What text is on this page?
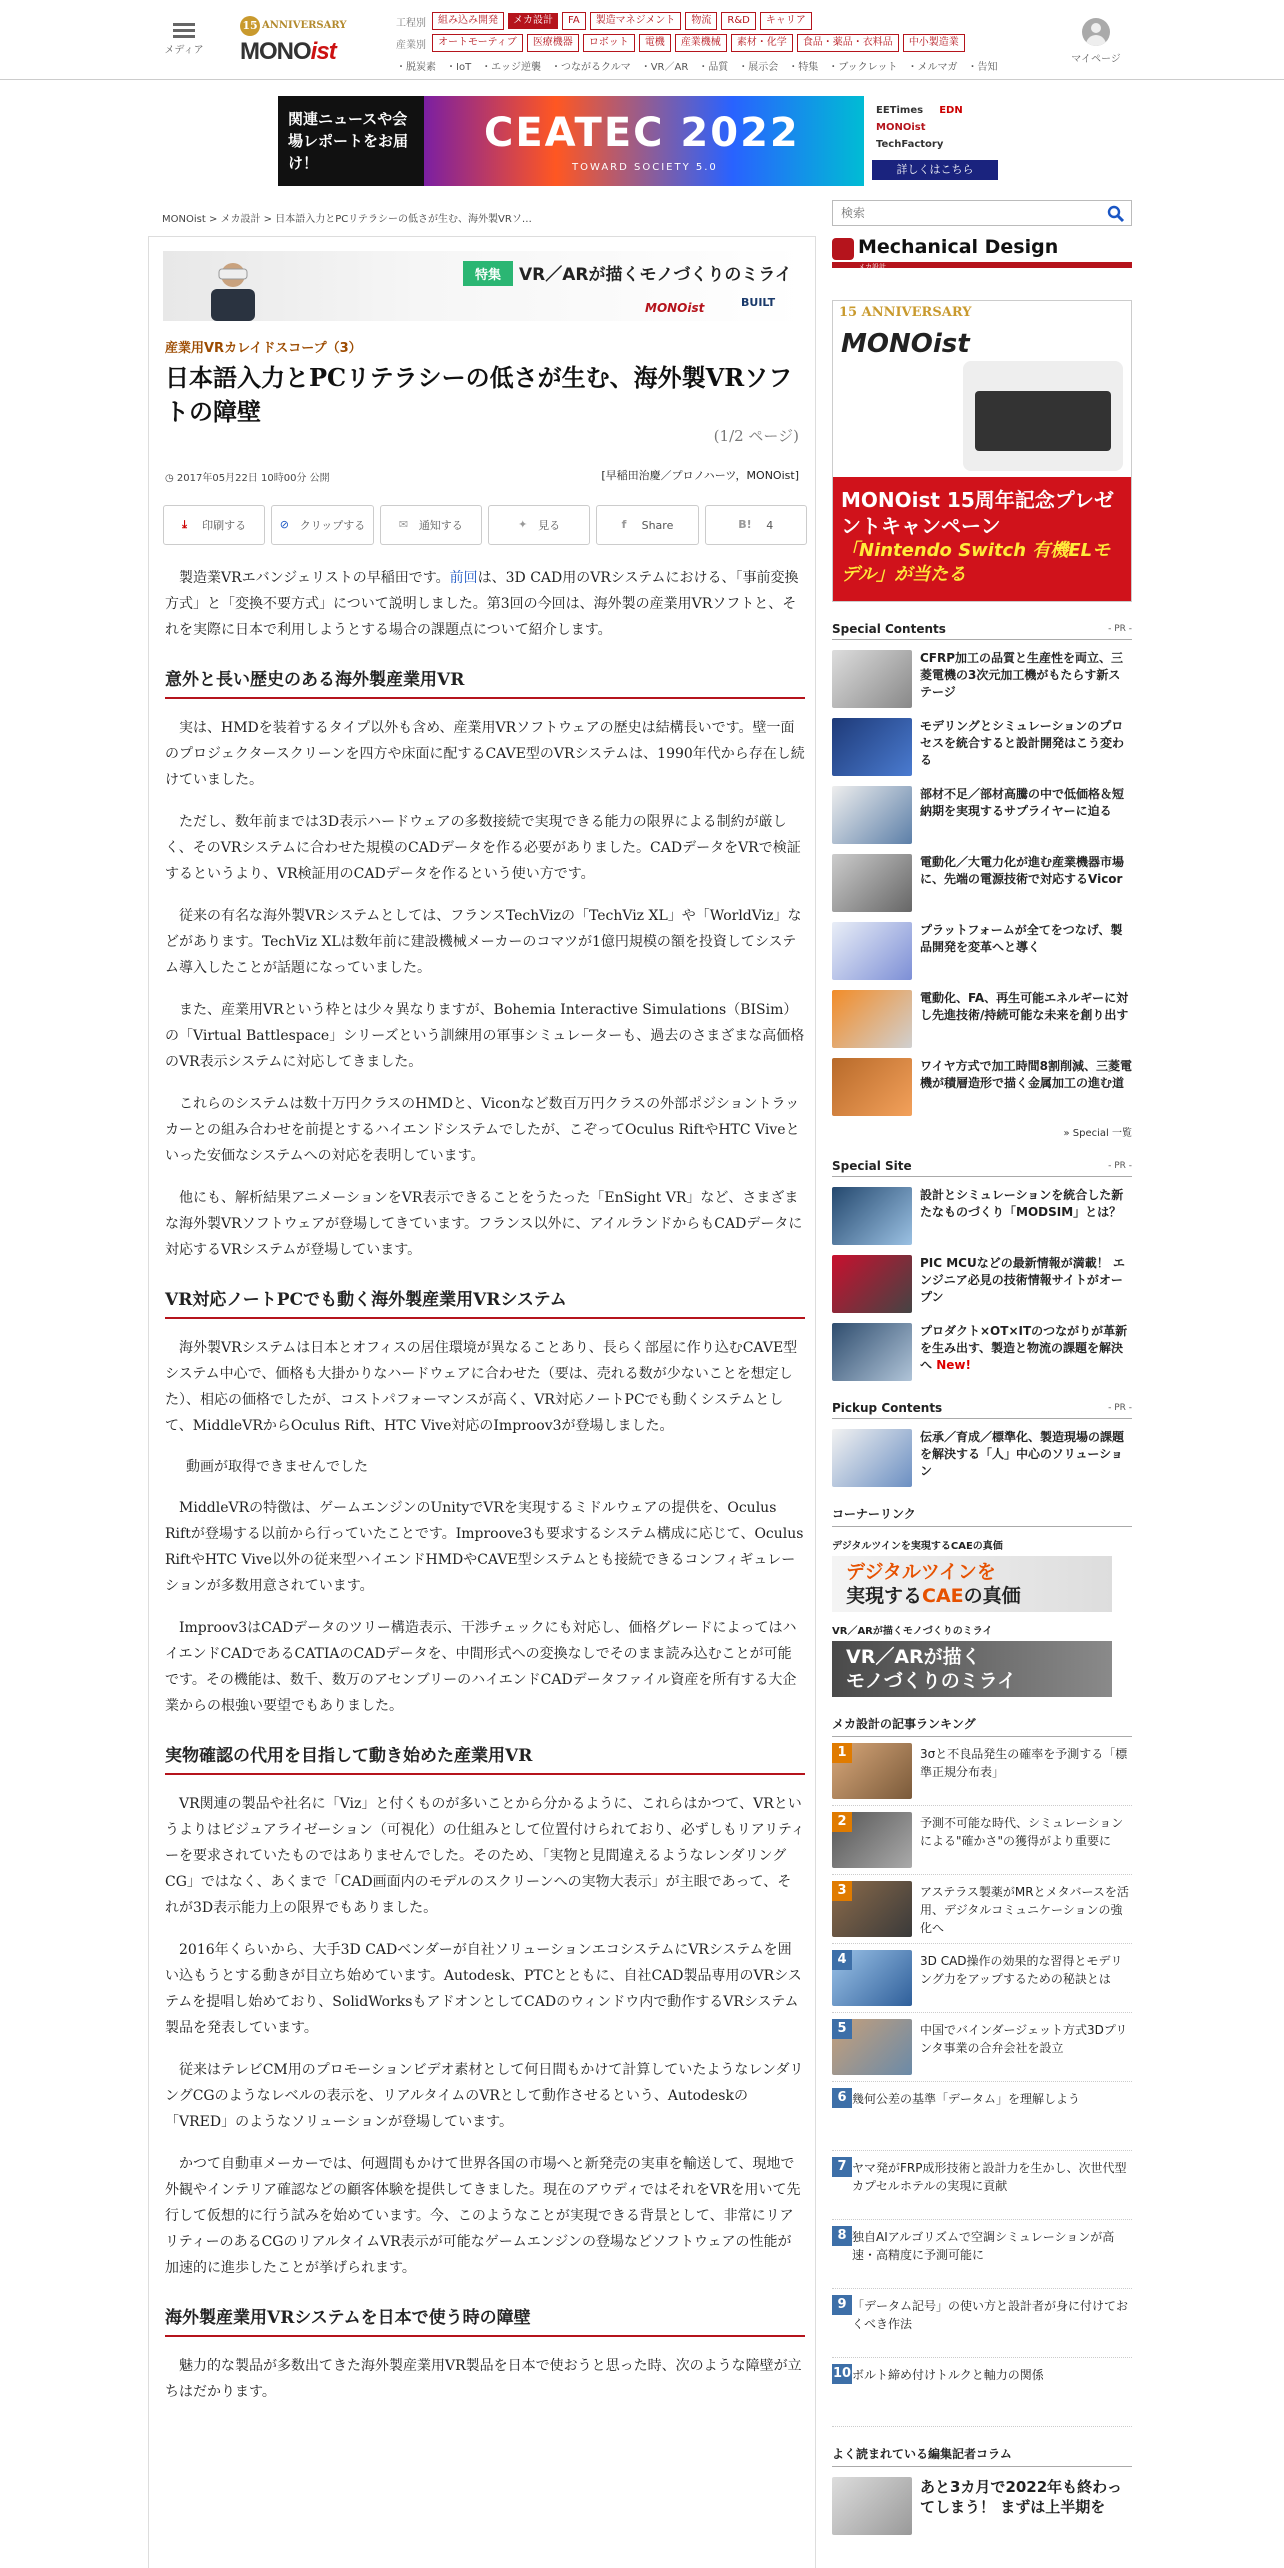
メディア
15 ANNIVERSARY
MONOist
工程別	組み込み開発	メカ設計	FA	製造マネジメント	物流	R&D	キャリア
産業別	オートモーティブ	医療機器	ロボット	電機	産業機械	素材・化学	食品・薬品・衣料品	中小製造業
・脱炭素 ・IoT ・エッジ逆襲 ・つながるクルマ ・VR／AR ・品質 ・展示会 ・特集 ・ブックレット ・メルマガ ・告知
マイページ
関連ニュースや会場レポートをお届け！
CEATEC 2022
TOWARD SOCIETY 5.0
EETimes EDN MONOist TechFactory
詳しくはこちら
MONOist > メカ設計 > 日本語入力とPCリテラシーの低さが生む、海外製VRソ…
検索
特集	VR／ARが描くモノづくりのミライ
MONOist	BUILT
産業用VRカレイドスコープ（3）
日本語入力とPCリテラシーの低さが生む、海外製VRソフトの障壁
(1/2 ページ)
◷ 2017年05月22日 10時00分 公開	[早稲田治慶／プロノハーツ，MONOist]
⤓	印刷する	⊘ クリップする	✉ 通知する	✦ 見る	f	Share	B!	4

製造業VRエバンジェリストの早稲田です。前回は、3D CAD用のVRシステムにおける、「事前変換方式」と「変換不要方式」について説明しました。第3回の今回は、海外製の産業用VRソフトと、それを実際に日本で利用しようとする場合の課題点について紹介します。

意外と長い歴史のある海外製産業用VR

実は、HMDを装着するタイプ以外も含め、産業用VRソフトウェアの歴史は結構長いです。壁一面のプロジェクタースクリーンを四方や床面に配するCAVE型のVRシステムは、1990年代から存在し続けていました。

ただし、数年前までは3D表示ハードウェアの多数接続で実現できる能力の限界による制約が厳しく、そのVRシステムに合わせた規模のCADデータを作る必要がありました。CADデータをVRで検証するというより、VR検証用のCADデータを作るという使い方です。

従来の有名な海外製VRシステムとしては、フランスTechVizの「TechViz XL」や「WorldViz」などがあります。TechViz XLは数年前に建設機械メーカーのコマツが1億円規模の額を投資してシステム導入したことが話題になっていました。

また、産業用VRという枠とは少々異なりますが、Bohemia Interactive Simulations（BISim）の「Virtual Battlespace」シリーズという訓練用の軍事シミュレーターも、過去のさまざまな高価格のVR表示システムに対応してきました。

これらのシステムは数十万円クラスのHMDと、Viconなど数百万円クラスの外部ポジショントラッカーとの組み合わせを前提とするハイエンドシステムでしたが、こぞってOculus RiftやHTC Viveといった安価なシステムへの対応を表明しています。

他にも、解析結果アニメーションをVR表示できることをうたった「EnSight VR」など、さまざまな海外製VRソフトウェアが登場してきています。フランス以外に、アイルランドからもCADデータに対応するVRシステムが登場しています。

VR対応ノートPCでも動く海外製産業用VRシステム

海外製VRシステムは日本とオフィスの居住環境が異なることあり、長らく部屋に作り込むCAVE型システム中心で、価格も大掛かりなハードウェアに合わせた（要は、売れる数が少ないことを想定した）、相応の価格でしたが、コストパフォーマンスが高く、VR対応ノートPCでも動くシステムとして、MiddleVRからOculus Rift、HTC Vive対応のImproov3が登場しました。

動画が取得できませんでした

MiddleVRの特徴は、ゲームエンジンのUnityでVRを実現するミドルウェアの提供を、Oculus Riftが登場する以前から行っていたことです。Improove3も要求するシステム構成に応じて、Oculus RiftやHTC Vive以外の従来型ハイエンドHMDやCAVE型システムとも接続できるコンフィギュレーションが多数用意されています。

Improov3はCADデータのツリー構造表示、干渉チェックにも対応し、価格グレードによってはハイエンドCADであるCATIAのCADデータを、中間形式への変換なしでそのまま読み込むことが可能です。その機能は、数千、数万のアセンブリーのハイエンドCADデータファイル資産を所有する大企業からの根強い要望でもありました。

実物確認の代用を目指して動き始めた産業用VR

VR関連の製品や社名に「Viz」と付くものが多いことから分かるように、これらはかつて、VRというよりはビジュアライゼーション（可視化）の仕組みとして位置付けられており、必ずしもリアリティーを要求されていたものではありませんでした。そのため、「実物と見間違えるようなレンダリングCG」ではなく、あくまで「CAD画面内のモデルのスクリーンへの実物大表示」が主眼であって、それが3D表示能力上の限界でもありました。

2016年くらいから、大手3D CADベンダーが自社ソリューションエコシステムにVRシステムを囲い込もうとする動きが目立ち始めています。Autodesk、PTCとともに、自社CAD製品専用のVRシステムを提唱し始めており、SolidWorksもアドオンとしてCADのウィンドウ内で動作するVRシステム製品を発表しています。

従来はテレビCM用のプロモーションビデオ素材として何日間もかけて計算していたようなレンダリングCGのようなレベルの表示を、リアルタイムのVRとして動作させるという、Autodeskの「VRED」のようなソリューションが登場しています。

かつて自動車メーカーでは、何週間もかけて世界各国の市場へと新発売の実車を輸送して、現地で外観やインテリア確認などの顧客体験を提供してきました。現在のアウディではそれをVRを用いて先行して仮想的に行う試みを始めています。今、このようなことが実現できる背景として、非常にリアリティーのあるCGのリアルタイムVR表示が可能なゲームエンジンの登場などソフトウェアの性能が加速的に進歩したことが挙げられます。

海外製産業用VRシステムを日本で使う時の障壁

魅力的な製品が多数出てきた海外製産業用VR製品を日本で使おうと思った時、次のような障壁が立ちはだかります。

Mechanical Design
メカ設計
15 ANNIVERSARY
MONOist
MONOist 15周年記念プレゼントキャンペーン
「Nintendo Switch 有機ELモデル」が当たる
Special Contents	- PR -
CFRP加工の品質と生産性を両立、三菱電機の3次元加工機がもたらす新ステージ
モデリングとシミュレーションのプロセスを統合すると設計開発はこう変わる
部材不足／部材高騰の中で低価格＆短納期を実現するサプライヤーに迫る
電動化／大電力化が進む産業機器市場に、先端の電源技術で対応するVicor
プラットフォームが全てをつなげ、製品開発を変革へと導く
電動化、FA、再生可能エネルギーに対し先進技術/持続可能な未来を創り出す
ワイヤ方式で加工時間8割削減、三菱電機が積層造形で描く金属加工の進む道
» Special 一覧
Special Site	- PR -
設計とシミュレーションを統合した新たなものづくり「MODSIM」とは？
PIC MCUなどの最新情報が満載！ エンジニア必見の技術情報サイトがオープン
プロダクト×OT×ITのつながりが革新を生み出す、製造と物流の課題を解決へ New!
Pickup Contents	- PR -
伝承／育成／標準化、製造現場の課題を解決する「人」中心のソリューション
コーナーリンク
デジタルツインを実現するCAEの真価
デジタルツインを
実現するCAEの真価
VR／ARが描くモノづくりのミライ
VR／ARが描く
モノづくりのミライ
メカ設計の記事ランキング
1	3σと不良品発生の確率を予測する「標準正規分布表」
2	予測不可能な時代、シミュレーションによる"確かさ"の獲得がより重要に
3	アステラス製薬がMRとメタバースを活用、デジタルコミュニケーションの強化へ
4	3D CAD操作の効果的な習得とモデリング力をアップするための秘訣とは
5	中国でバインダージェット方式3Dプリンタ事業の合弁会社を設立
6 幾何公差の基準「データム」を理解しよう
7 ヤマ発がFRP成形技術と設計力を生かし、次世代型カプセルホテルの実現に貢献
8 独自AIアルゴリズムで空調シミュレーションが高速・高精度に予測可能に
9 「データム記号」の使い方と設計者が身に付けておくべき作法
10 ボルト締め付けトルクと軸力の関係
よく読まれている編集記者コラム
あと3カ月で2022年も終わってしまう！ まずは上半期を
